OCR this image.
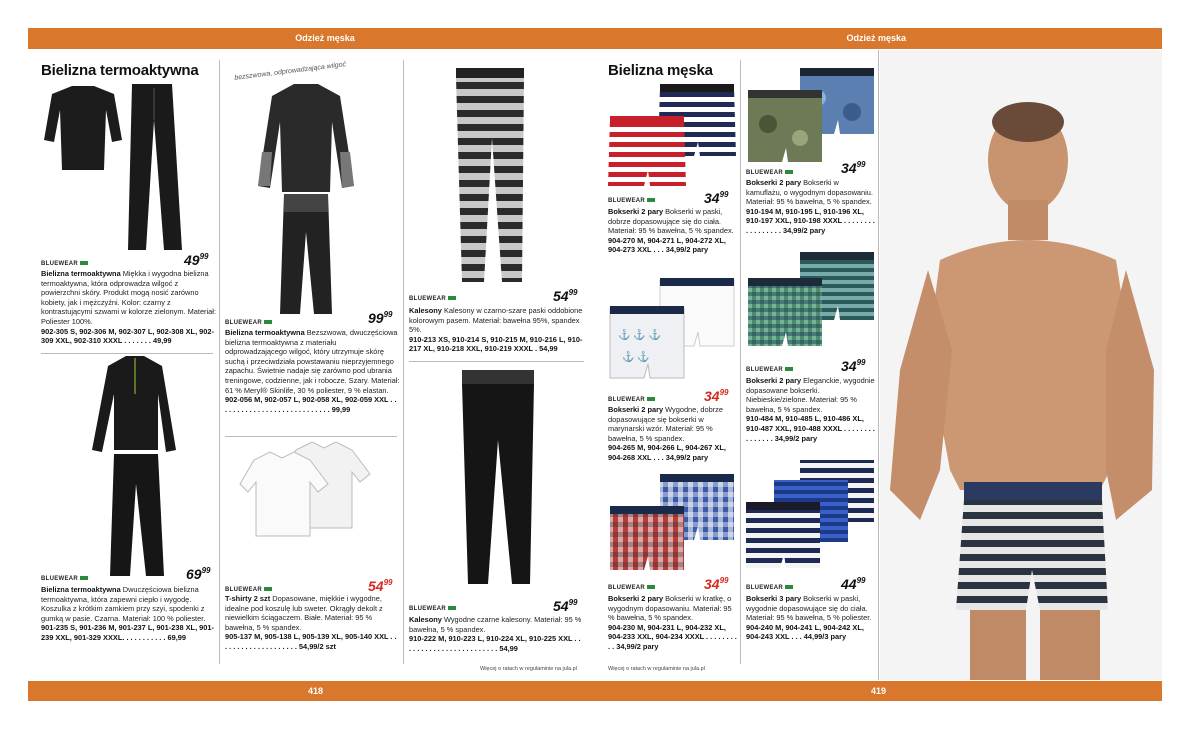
Odzież męska	Odzież męska
418	419
Bielizna termoaktywna	Bielizna męska
bezszwowa, odprowadzająca wilgoć
⚓ ⚓ ⚓
⚓ ⚓
$49^{99}$
BLUEWEAR
Bielizna termoaktywna Miękka i wygodna bielizna termoaktywna, która odprowadza wilgoć z powierzchni skóry. Produkt mogą nosić zarówno kobiety, jak i mężczyźni. Kolor: czarny z kontrastującymi szwami w kolorze zielonym. Materiał: Poliester 100%.
902-305 S, 902-306 M, 902-307 L, 902-308 XL, 902-309 XXL, 902-310 XXXL . . . . . . . 49,99
$69^{99}$
BLUEWEAR
Bielizna termoaktywna Dwuczęściowa bielizna termoaktywna, która zapewni ciepło i wygodę. Koszulka z krótkim zamkiem przy szyi, spodenki z gumką w pasie. Czarna. Materiał: 100 % poliester.
901-235 S, 901-236 M, 901-237 L, 901-238 XL, 901-239 XXL, 901-329 XXXL. . . . . . . . . . . 69,99
$99^{99}$
BLUEWEAR
Bielizna termoaktywna Bezszwowa, dwuczęściowa bielizna termoaktywna z materiału odprowadzającego wilgoć, który utrzymuje skórę suchą i przeciwdziała powstawaniu nieprzyjemnego zapachu. Świetnie nadaje się zarówno pod ubrania treningowe, codzienne, jak i robocze. Szary. Materiał: 61 % Meryl® Skinlife, 30 % poliester, 9 % elastan.
902-056 M, 902-057 L, 902-058 XL, 902-059 XXL . . . . . . . . . . . . . . . . . . . . . . . . . . . . 99,99
$54^{99}$
BLUEWEAR
T-shirty 2 szt Dopasowane, miękkie i wygodne, idealne pod koszulę lub sweter. Okrągły dekolt z niewielkim ściągaczem. Białe. Materiał: 95 % bawełna, 5 % spandex.
905-137 M, 905-138 L, 905-139 XL, 905-140 XXL . . . . . . . . . . . . . . . . . . . . 54,99/2 szt
$54^{99}$
BLUEWEAR
Kalesony Kalesony w czarno-szare paski oddobione kolorowym pasem. Materiał: bawełna 95%, spandex 5%.
910-213 XS, 910-214 S, 910-215 M, 910-216 L, 910-217 XL, 910-218 XXL, 910-219 XXXL . 54,99
$54^{99}$
BLUEWEAR
Kalesony Wygodne czarne kalesony. Materiał: 95 % bawełna, 5 % spandex.
910-222 M, 910-223 L, 910-224 XL, 910-225 XXL . . . . . . . . . . . . . . . . . . . . . . . . 54,99
Więcej o ratach w regulaminie na jula.pl
$34^{99}$
BLUEWEAR
Bokserki 2 pary Bokserki w paski, dobrze dopasowujące się do ciała. Materiał: 95 % bawełna, 5 % spandex.
904-270 M, 904-271 L, 904-272 XL, 904-273 XXL . . . 34,99/2 pary
$34^{99}$
BLUEWEAR
Bokserki 2 pary Bokserki w kamuflażu, o wygodnym dopasowaniu. Materiał: 95 % bawełna, 5 % spandex.
910-194 M, 910-195 L, 910-196 XL, 910-197 XXL, 910-198 XXXL . . . . . . . . . . . . . . . . . 34,99/2 pary
$34^{99}$
BLUEWEAR
Bokserki 2 pary Wygodne, dobrze dopasowujące się bokserki w marynarski wzór. Materiał: 95 % bawełna, 5 % spandex.
904-265 M, 904-266 L, 904-267 XL, 904-268 XXL . . . 34,99/2 pary
$34^{99}$
BLUEWEAR
Bokserki 2 pary Eleganckie, wygodnie dopasowane bokserki. Niebieskie/zielone. Materiał: 95 % bawełna, 5 % spandex.
910-484 M, 910-485 L, 910-486 XL, 910-487 XXL, 910-488 XXXL . . . . . . . . . . . . . . . 34,99/2 pary
$34^{99}$
BLUEWEAR
Bokserki 2 pary Bokserki w kratkę, o wygodnym dopasowaniu. Materiał: 95 % bawełna, 5 % spandex.
904-230 M, 904-231 L, 904-232 XL, 904-233 XXL, 904-234 XXXL . . . . . . . . . . 34,99/2 pary
Więcej o ratach w regulaminie na jula.pl
$44^{99}$
BLUEWEAR
Bokserki 3 pary Bokserki w paski, wygodnie dopasowujące się do ciała. Materiał: 95 % bawełna, 5 % poliester.
904-240 M, 904-241 L, 904-242 XL, 904-243 XXL . . . 44,99/3 pary
